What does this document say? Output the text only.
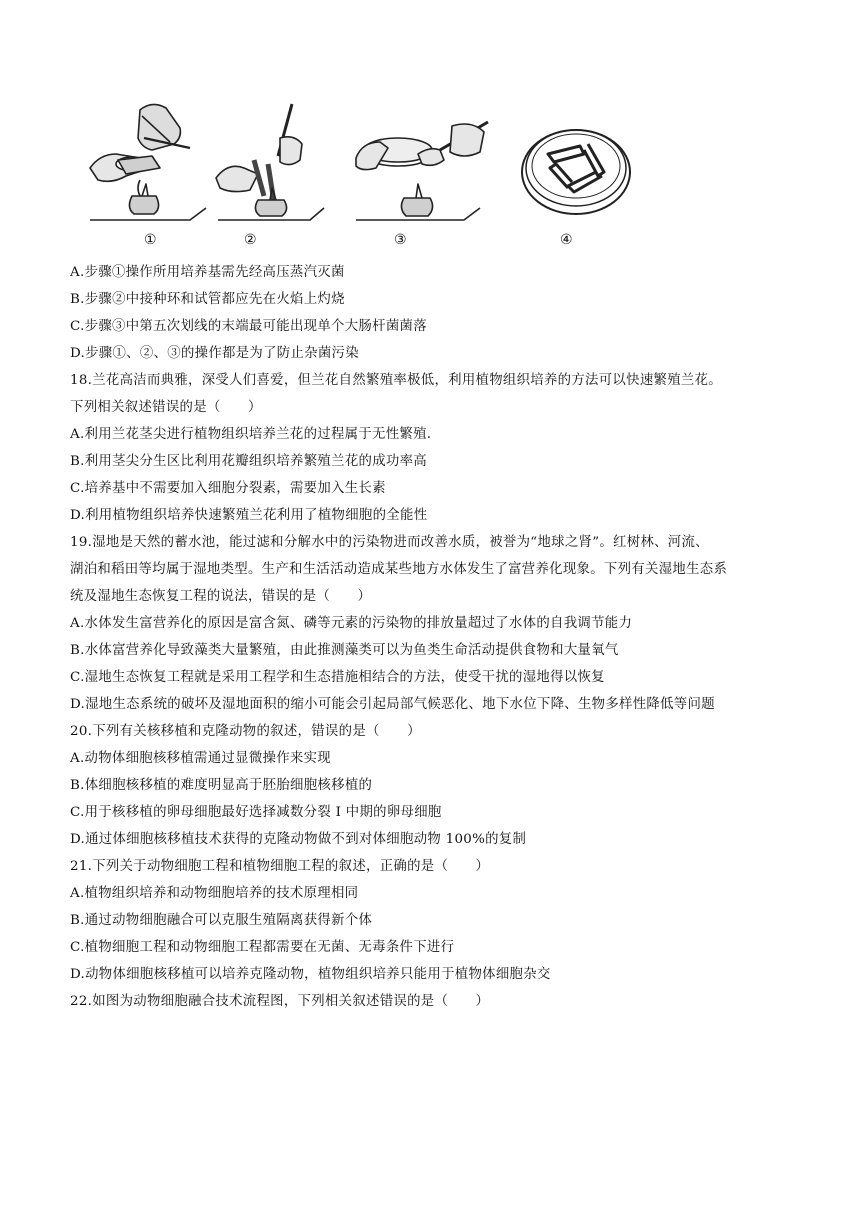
①	②	③	④
A.步骤①操作所用培养基需先经高压蒸汽灭菌
B.步骤②中接种环和试管都应先在火焰上灼烧
C.步骤③中第五次划线的末端最可能出现单个大肠杆菌菌落
D.步骤①、②、③的操作都是为了防止杂菌污染
18.兰花高洁而典雅，深受人们喜爱，但兰花自然繁殖率极低，利用植物组织培养的方法可以快速繁殖兰花。
下列相关叙述错误的是（　　）
A.利用兰花茎尖进行植物组织培养兰花的过程属于无性繁殖.
B.利用茎尖分生区比利用花瓣组织培养繁殖兰花的成功率高
C.培养基中不需要加入细胞分裂素，需要加入生长素
D.利用植物组织培养快速繁殖兰花利用了植物细胞的全能性
19.湿地是天然的蓄水池，能过滤和分解水中的污染物进而改善水质，被誉为“地球之肾”。红树林、河流、
湖泊和稻田等均属于湿地类型。生产和生活活动造成某些地方水体发生了富营养化现象。下列有关湿地生态系
统及湿地生态恢复工程的说法，错误的是（　　）
A.水体发生富营养化的原因是富含氮、磷等元素的污染物的排放量超过了水体的自我调节能力
B.水体富营养化导致藻类大量繁殖，由此推测藻类可以为鱼类生命活动提供食物和大量氧气
C.湿地生态恢复工程就是采用工程学和生态措施相结合的方法，使受干扰的湿地得以恢复
D.湿地生态系统的破坏及湿地面积的缩小可能会引起局部气候恶化、地下水位下降、生物多样性降低等问题
20.下列有关核移植和克隆动物的叙述，错误的是（　　）
A.动物体细胞核移植需通过显微操作来实现
B.体细胞核移植的难度明显高于胚胎细胞核移植的
C.用于核移植的卵母细胞最好选择减数分裂 I 中期的卵母细胞
D.通过体细胞核移植技术获得的克隆动物做不到对体细胞动物 100%的复制
21.下列关于动物细胞工程和植物细胞工程的叙述，正确的是（　　）
A.植物组织培养和动物细胞培养的技术原理相同
B.通过动物细胞融合可以克服生殖隔离获得新个体
C.植物细胞工程和动物细胞工程都需要在无菌、无毒条件下进行
D.动物体细胞核移植可以培养克隆动物，植物组织培养只能用于植物体细胞杂交
22.如图为动物细胞融合技术流程图，下列相关叙述错误的是（　　）
